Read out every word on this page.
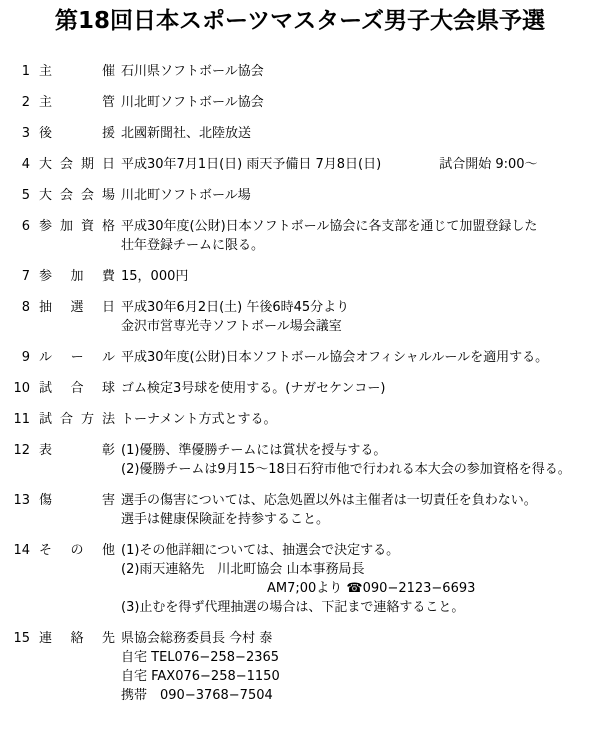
第18回日本スポーツマスターズ男子大会県予選
1 主催 石川県ソフトボール協会
2 主管 川北町ソフトボール協会
3 後援 北國新聞社、北陸放送
4 大会期日 平成30年7月1日(日) 雨天予備日 7月8日(日)	試合開始 9:00〜
5 大会会場 川北町ソフトボール場
6 参加資格 平成30年度(公財)日本ソフトボール協会に各支部を通じて加盟登録した
壮年登録チームに限る。
7 参加費 15，000円
8 抽選日 平成30年6月2日(土) 午後6時45分より
金沢市営専光寺ソフトボール場会議室
9 ルール 平成30年度(公財)日本ソフトボール協会オフィシャルルールを適用する。
10 試合球 ゴム検定3号球を使用する。(ナガセケンコー)
11 試合方法 トーナメント方式とする。
12 表彰 (1)優勝、準優勝チームには賞状を授与する。
(2)優勝チームは9月15〜18日石狩市他で行われる本大会の参加資格を得る。
13 傷害 選手の傷害については、応急処置以外は主催者は一切責任を負わない。
選手は健康保険証を持参すること。
14 その他 (1)その他詳細については、抽選会で決定する。
(2)雨天連絡先　川北町協会 山本事務局長
AM7;00より ☎090−2123−6693
(3)止むを得ず代理抽選の場合は、下記まで連絡すること。
15 連絡先 県協会総務委員長 今村 泰
自宅 TEL076−258−2365
自宅 FAX076−258−1150
携帯　090−3768−7504
